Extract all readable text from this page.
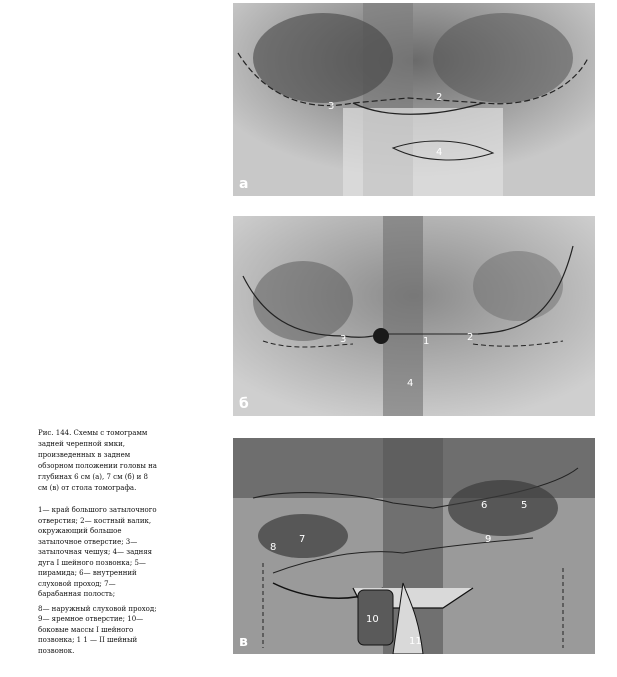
Рис. 144. Схемы с томограмм задней черепной ямки, произведенных в заднем обзорном положении головы на глубинах 6 см (а), 7 см (б) и 8 см (в) от стола томографа.

1— край большого затылочного отверстия; 2— костный валик, окружающий большое затылочное отверстие; 3— затылочная чешуя; 4— задняя дуга I шейного позвонка; 5— пирамида; 6— внутренний слуховой проход; 7— барабанная полость;

8— наружный слуховой проход; 9— яремное отверстие; 10— боковые массы I шейного позвонка; 1 1 — II шейный позвонок.

3
2
4
а
3	1	2
4
б
6	5
7
8
9
10
11
в
